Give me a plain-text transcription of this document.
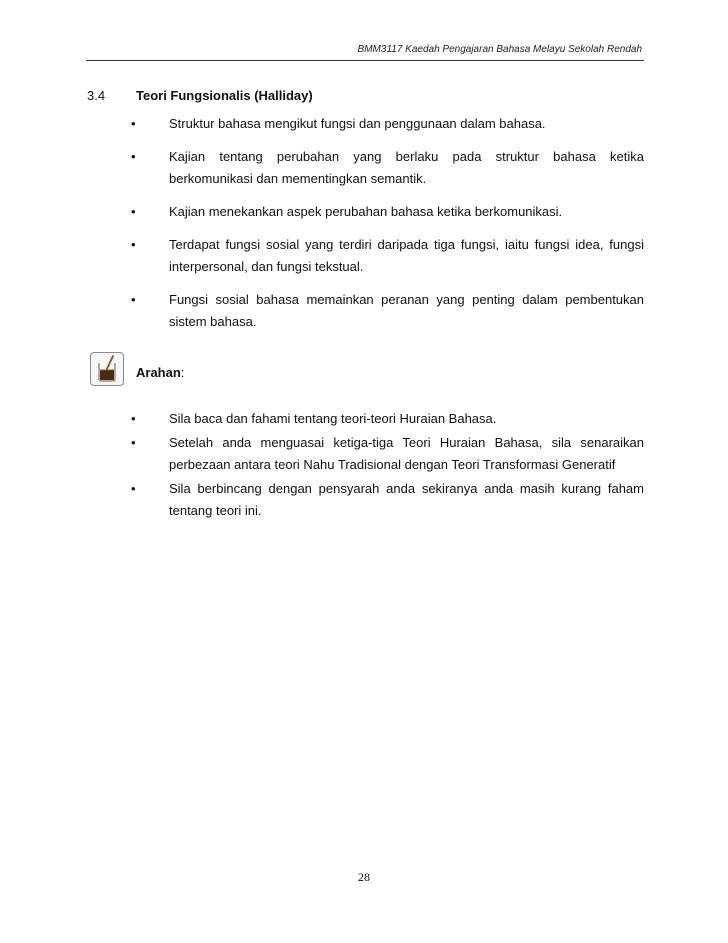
BMM3117 Kaedah Pengajaran Bahasa Melayu Sekolah Rendah
3.4 Teori Fungsionalis (Halliday)
•	Struktur bahasa mengikut fungsi dan penggunaan dalam bahasa.
•	Kajian tentang perubahan yang berlaku pada struktur bahasa ketika berkomunikasi dan mementingkan semantik.
•	Kajian menekankan aspek perubahan bahasa ketika berkomunikasi.
•	Terdapat fungsi sosial yang terdiri daripada tiga fungsi, iaitu fungsi idea, fungsi interpersonal, dan fungsi tekstual.
•	Fungsi sosial bahasa memainkan peranan yang penting dalam pembentukan sistem bahasa.
Arahan:
•	Sila baca dan fahami tentang teori-teori Huraian Bahasa.
•	Setelah anda menguasai ketiga-tiga Teori Huraian Bahasa, sila senaraikan perbezaan antara teori Nahu Tradisional dengan Teori Transformasi Generatif
•	Sila berbincang dengan pensyarah anda sekiranya anda masih kurang faham tentang teori ini.
28
